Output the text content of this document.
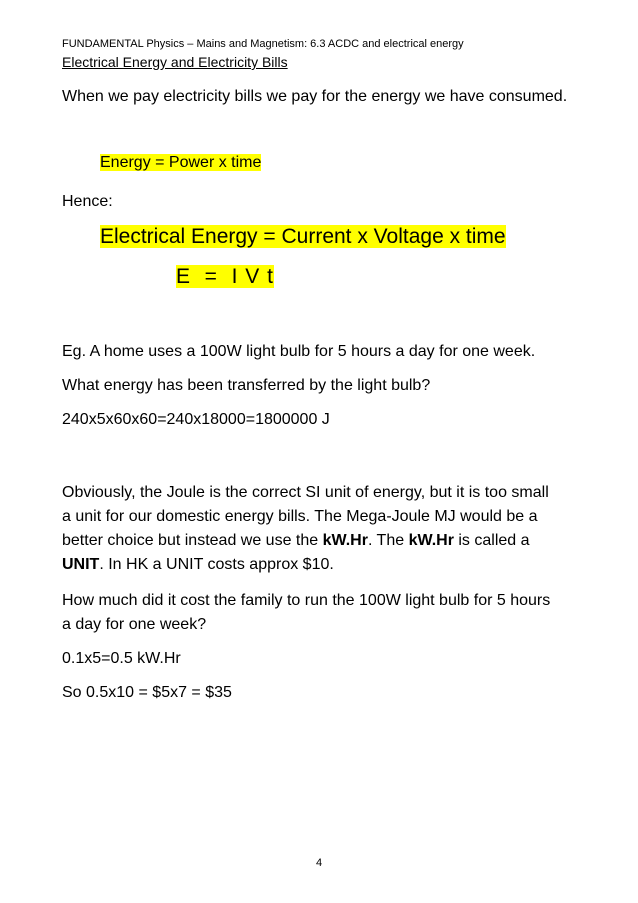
FUNDAMENTAL Physics – Mains and Magnetism: 6.3 ACDC and electrical energy
Electrical Energy and Electricity Bills
When we pay electricity bills we pay for the energy we have consumed.
Energy = Power x time
Hence:
Electrical Energy = Current x Voltage x time
E  =  I V t
Eg. A home uses a 100W light bulb for 5 hours a day for one week.
What energy has been transferred by the light bulb?
240x5x60x60=240x18000=1800000 J
Obviously, the Joule is the correct SI unit of energy, but it is too small a unit for our domestic energy bills. The Mega-Joule MJ would be a better choice but instead we use the kW.Hr. The kW.Hr is called a UNIT. In HK a UNIT costs approx $10.
How much did it cost the family to run the 100W light bulb for 5 hours a day for one week?
0.1x5=0.5 kW.Hr
So 0.5x10 = $5x7 = $35
4
